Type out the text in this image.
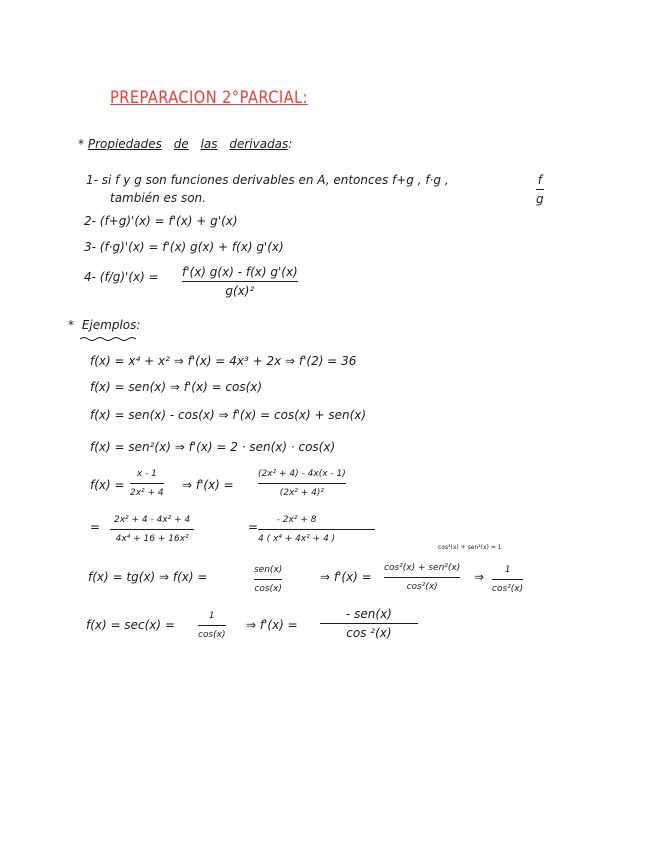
PREPARACION 2°PARCIAL:
* Propiedades de las derivadas:
1- si f y g son funciones derivables en A, entonces f+g , f·g ,	f
g
también es son.
2- (f+g)'(x) = f'(x) + g'(x)
3- (f·g)'(x) = f'(x) g(x) + f(x) g'(x)
4- (f/g)'(x) = f'(x) g(x) - f(x) g'(x)
g(x)²
* Ejemplos:
f(x) = x⁴ + x² ⇒ f'(x) = 4x³ + 2x ⇒ f'(2) = 36
f(x) = sen(x) ⇒ f'(x) = cos(x)
f(x) = sen(x) - cos(x) ⇒ f'(x) = cos(x) + sen(x)
f(x) = sen²(x) ⇒ f'(x) = 2 · sen(x) · cos(x)
f(x) =
x - 1
2x² + 4
⇒ f'(x) =
(2x² + 4) - 4x(x - 1)
(2x² + 4)²
=	2x² + 4 - 4x² + 4
4x⁴ + 16 + 16x²
= - 2x² + 8
4 ( x⁴ + 4x² + 4 )
cos²(x) + sen²(x) = 1
f(x) = tg(x) ⇒ f(x) =	sen(x)
cos(x)
⇒ f'(x) =
cos²(x) + sen²(x)
cos²(x)
⇒ 1
cos²(x)
f(x) = sec(x) =
1
cos(x)
⇒ f'(x) =
- sen(x)
cos ²(x)
